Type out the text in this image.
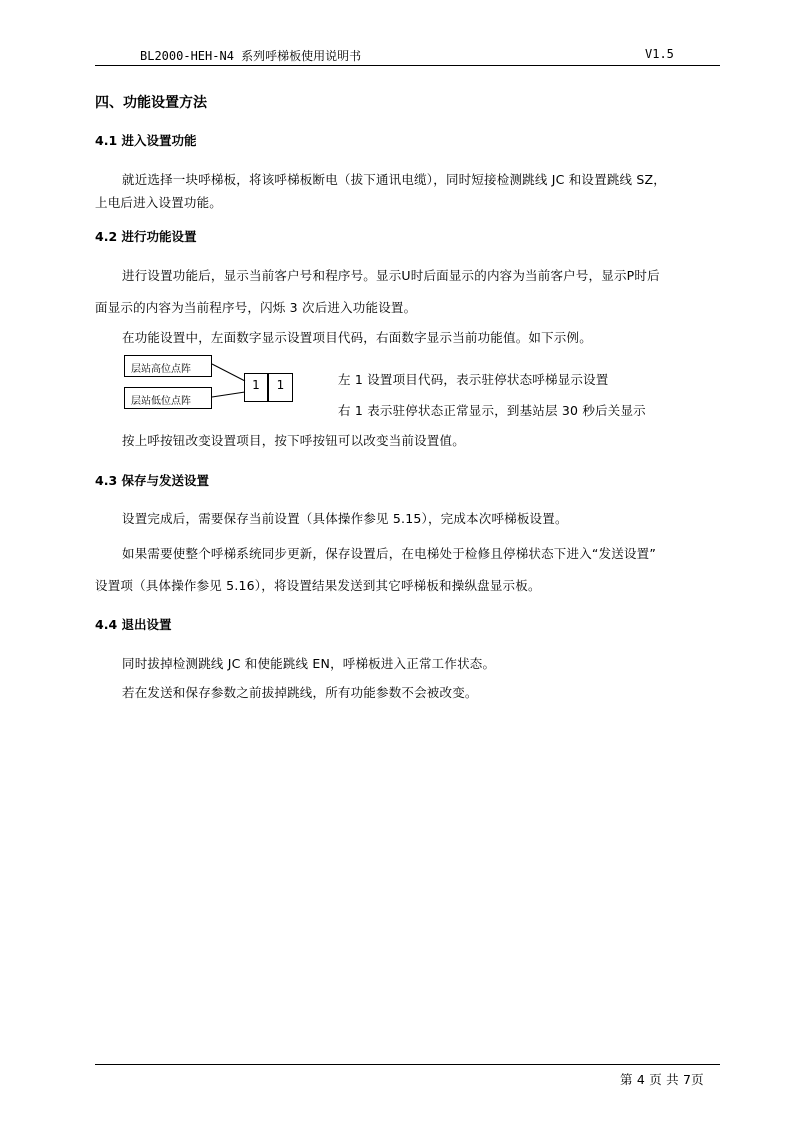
BL2000-HEH-N4 系列呼梯板使用说明书	V1.5
四、功能设置方法
4.1 进入设置功能
就近选择一块呼梯板，将该呼梯板断电（拔下通讯电缆），同时短接检测跳线 JC 和设置跳线 SZ，
上电后进入设置功能。
4.2 进行功能设置
进行设置功能后，显示当前客户号和程序号。显示U时后面显示的内容为当前客户号，显示P时后
面显示的内容为当前程序号，闪烁 3 次后进入功能设置。
在功能设置中，左面数字显示设置项目代码，右面数字显示当前功能值。如下示例。
层站高位点阵
层站低位点阵
1	1	左 1 设置项目代码，表示驻停状态呼梯显示设置
右 1 表示驻停状态正常显示，到基站层 30 秒后关显示
按上呼按钮改变设置项目，按下呼按钮可以改变当前设置值。
4.3 保存与发送设置
设置完成后，需要保存当前设置（具体操作参见 5.15），完成本次呼梯板设置。
如果需要使整个呼梯系统同步更新，保存设置后，在电梯处于检修且停梯状态下进入“发送设置”
设置项（具体操作参见 5.16），将设置结果发送到其它呼梯板和操纵盘显示板。
4.4 退出设置
同时拔掉检测跳线 JC 和使能跳线 EN，呼梯板进入正常工作状态。
若在发送和保存参数之前拔掉跳线，所有功能参数不会被改变。
第 4 页 共 7页
